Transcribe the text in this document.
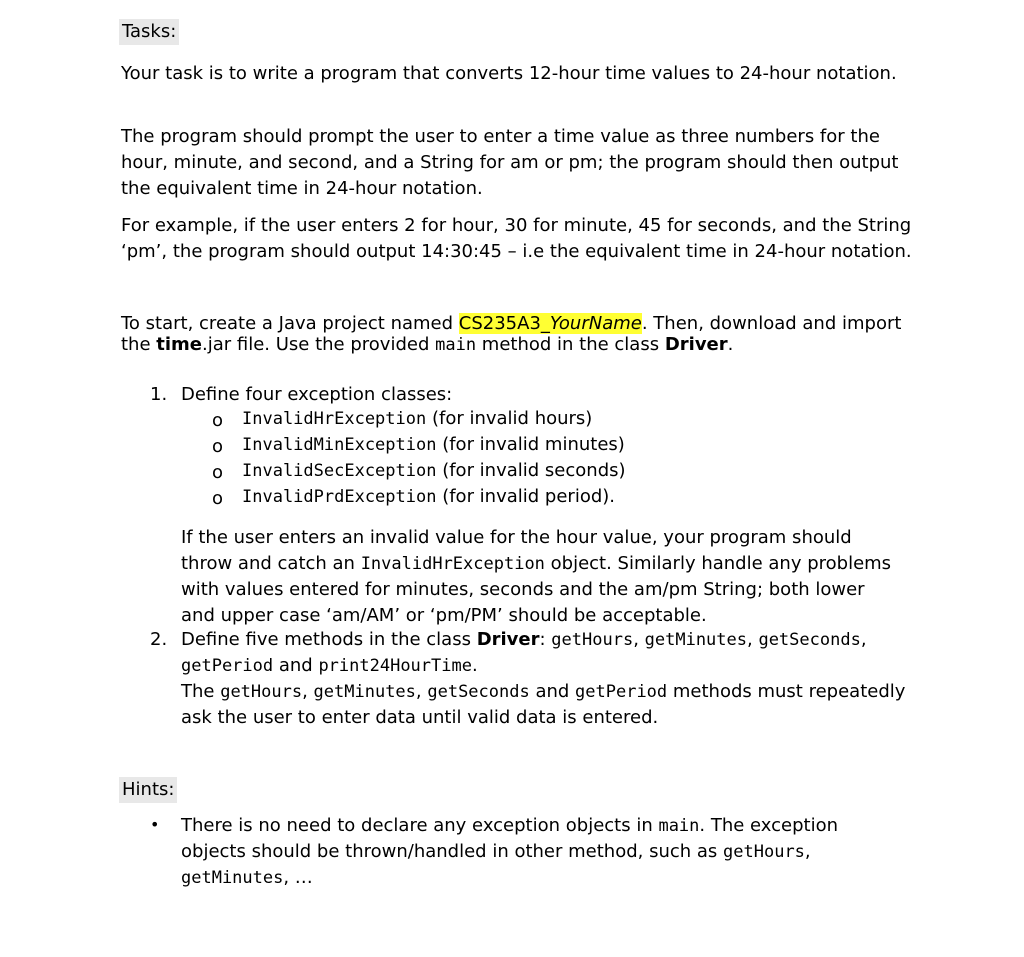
Tasks:

Your task is to write a program that converts 12-hour time values to 24-hour notation.

The program should prompt the user to enter a time value as three numbers for the hour, minute, and second, and a String for am or pm; the program should then output the equivalent time in 24-hour notation.

For example, if the user enters 2 for hour, 30 for minute, 45 for seconds, and the String ‘pm’, the program should output 14:30:45 – i.e the equivalent time in 24-hour notation.

To start, create a Java project named CS235A3_YourName. Then, download and import the time.jar file. Use the provided main method in the class Driver.

1. Define four exception classes:
o InvalidHrException (for invalid hours)
o InvalidMinException (for invalid minutes)
o InvalidSecException (for invalid seconds)
o InvalidPrdException (for invalid period).

If the user enters an invalid value for the hour value, your program should throw and catch an InvalidHrException object. Similarly handle any problems with values entered for minutes, seconds and the am/pm String; both lower and upper case ‘am/AM’ or ‘pm/PM’ should be acceptable.

2. Define five methods in the class Driver: getHours, getMinutes, getSeconds,
getPeriod and print24HourTime.
The getHours, getMinutes, getSeconds and getPeriod methods must repeatedly ask the user to enter data until valid data is entered.

Hints:
• There is no need to declare any exception objects in main. The exception objects should be thrown/handled in other method, such as getHours,
getMinutes, …
